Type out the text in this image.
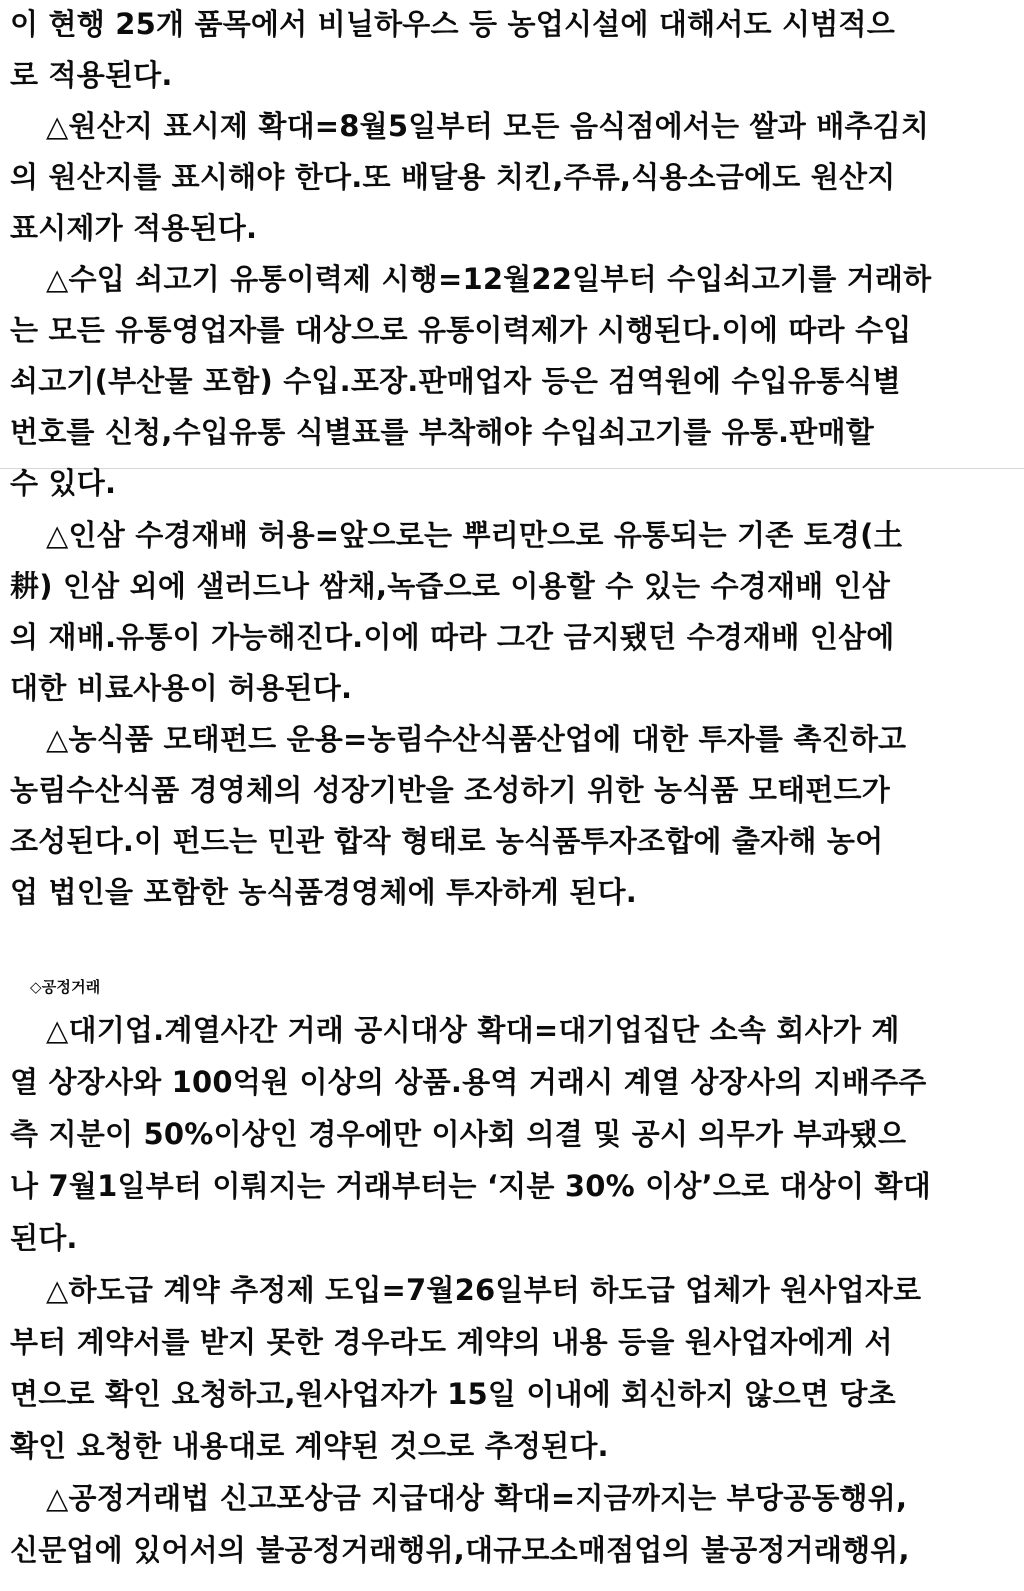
이 현행 25개 품목에서 비닐하우스 등 농업시설에 대해서도 시범적으
로 적용된다.
△원산지 표시제 확대=8월5일부터 모든 음식점에서는 쌀과 배추김치
의 원산지를 표시해야 한다.또 배달용 치킨,주류,식용소금에도 원산지
표시제가 적용된다.
△수입 쇠고기 유통이력제 시행=12월22일부터 수입쇠고기를 거래하
는 모든 유통영업자를 대상으로 유통이력제가 시행된다.이에 따라 수입
쇠고기(부산물 포함) 수입.포장.판매업자 등은 검역원에 수입유통식별
번호를 신청,수입유통 식별표를 부착해야 수입쇠고기를 유통.판매할
수 있다.
△인삼 수경재배 허용=앞으로는 뿌리만으로 유통되는 기존 토경(土
耕) 인삼 외에 샐러드나 쌈채,녹즙으로 이용할 수 있는 수경재배 인삼
의 재배.유통이 가능해진다.이에 따라 그간 금지됐던 수경재배 인삼에
대한 비료사용이 허용된다.
△농식품 모태펀드 운용=농림수산식품산업에 대한 투자를 촉진하고
농림수산식품 경영체의 성장기반을 조성하기 위한 농식품 모태펀드가
조성된다.이 펀드는 민관 합작 형태로 농식품투자조합에 출자해 농어
업 법인을 포함한 농식품경영체에 투자하게 된다.
◇공정거래
△대기업.계열사간 거래 공시대상 확대=대기업집단 소속 회사가 계
열 상장사와 100억원 이상의 상품.용역 거래시 계열 상장사의 지배주주
측 지분이 50%이상인 경우에만 이사회 의결 및 공시 의무가 부과됐으
나 7월1일부터 이뤄지는 거래부터는 ‘지분 30% 이상’으로 대상이 확대
된다.
△하도급 계약 추정제 도입=7월26일부터 하도급 업체가 원사업자로
부터 계약서를 받지 못한 경우라도 계약의 내용 등을 원사업자에게 서
면으로 확인 요청하고,원사업자가 15일 이내에 회신하지 않으면 당초
확인 요청한 내용대로 계약된 것으로 추정된다.
△공정거래법 신고포상금 지급대상 확대=지금까지는 부당공동행위,
신문업에 있어서의 불공정거래행위,대규모소매점업의 불공정거래행위,
